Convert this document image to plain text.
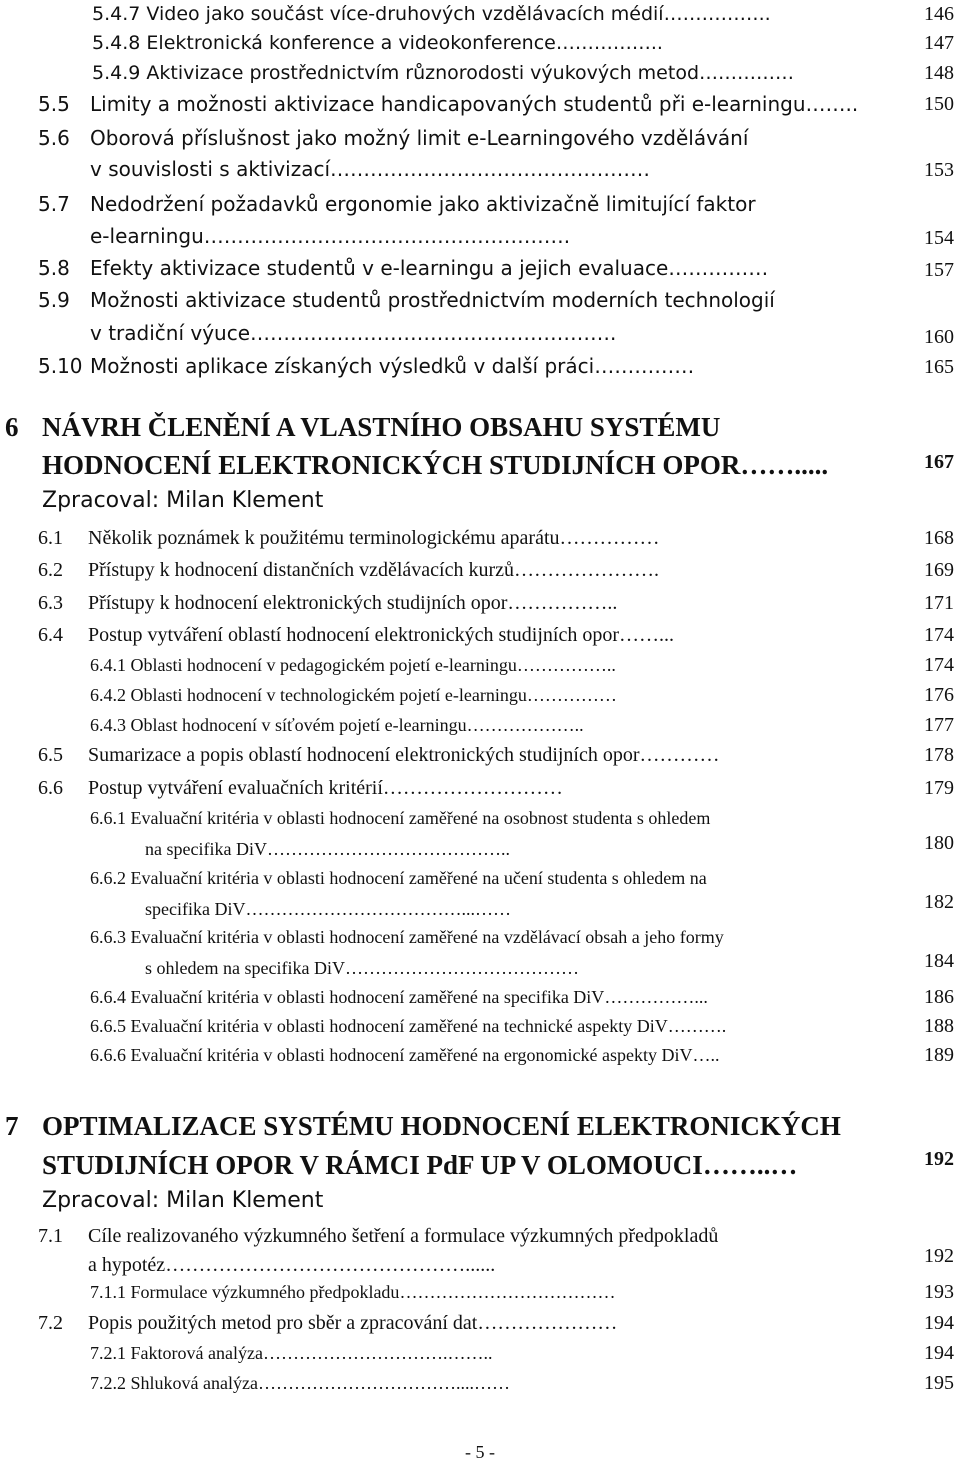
5.4.7 Video jako součást více-druhových vzdělávacích médií……………..	146
5.4.8 Elektronická konference a videokonference……………..	147
5.4.9 Aktivizace prostřednictvím různorodosti výukových metod……………	148
5.5 Limity a možnosti aktivizace handicapovaných studentů při e-learningu……..	150
5.6 Oborová příslušnost jako možný limit e-Learningového vzdělávání
v souvislosti s aktivizací…………………………………………	153
5.7 Nedodržení požadavků ergonomie jako aktivizačně limitující faktor
e-learningu……………………………………………….	154
5.8 Efekty aktivizace studentů v e-learningu a jejich evaluace……………	157
5.9 Možnosti aktivizace studentů prostřednictvím moderních technologií
v tradiční výuce……………………………………………….	160
5.10 Možnosti aplikace získaných výsledků v další práci……………	165
6 NÁVRH ČLENĚNÍ A VLASTNÍHO OBSAHU SYSTÉMU
HODNOCENÍ ELEKTRONICKÝCH STUDIJNÍCH OPOR…….....	167
Zpracoval: Milan Klement
6.1 Několik poznámek k použitému terminologickému aparátu……………	168
6.2 Přístupy k hodnocení distančních vzdělávacích kurzů………………….	169
6.3 Přístupy k hodnocení elektronických studijních opor……………..	171
6.4 Postup vytváření oblastí hodnocení elektronických studijních opor……...	174
6.4.1 Oblasti hodnocení v pedagogickém pojetí e-learningu……………..	174
6.4.2 Oblasti hodnocení v technologickém pojetí e-learningu……………	176
6.4.3 Oblast hodnocení v síťovém pojetí e-learningu………………..	177
6.5 Sumarizace a popis oblastí hodnocení elektronických studijních opor…………	178
6.6 Postup vytváření evaluačních kritérií………………………	179
6.6.1 Evaluační kritéria v oblasti hodnocení zaměřené na osobnost studenta s ohledem
na specifika DiV…………………………………..	180
6.6.2 Evaluační kritéria v oblasti hodnocení zaměřené na učení studenta s ohledem na
specifika DiV………………………………...……	182
6.6.3 Evaluační kritéria v oblasti hodnocení zaměřené na vzdělávací obsah a jeho formy
s ohledem na specifika DiV…………………………………	184
6.6.4 Evaluační kritéria v oblasti hodnocení zaměřené na specifika DiV……………...	186
6.6.5 Evaluační kritéria v oblasti hodnocení zaměřené na technické aspekty DiV……….	188
6.6.6 Evaluační kritéria v oblasti hodnocení zaměřené na ergonomické aspekty DiV…..	189
7 OPTIMALIZACE SYSTÉMU HODNOCENÍ ELEKTRONICKÝCH
STUDIJNÍCH OPOR V RÁMCI PdF UP V OLOMOUCI……..…	192
Zpracoval: Milan Klement
7.1 Cíle realizovaného výzkumného šetření a formulace výzkumných předpokladů
a hypotéz………………………………………......	192
7.1.1 Formulace výzkumného předpokladu………………………………	193
7.2 Popis použitých metod pro sběr a zpracování dat…………………	194
7.2.1 Faktorová analýza………………………….……..	194
7.2.2 Shluková analýza……………………………....……	195
- 5 -
